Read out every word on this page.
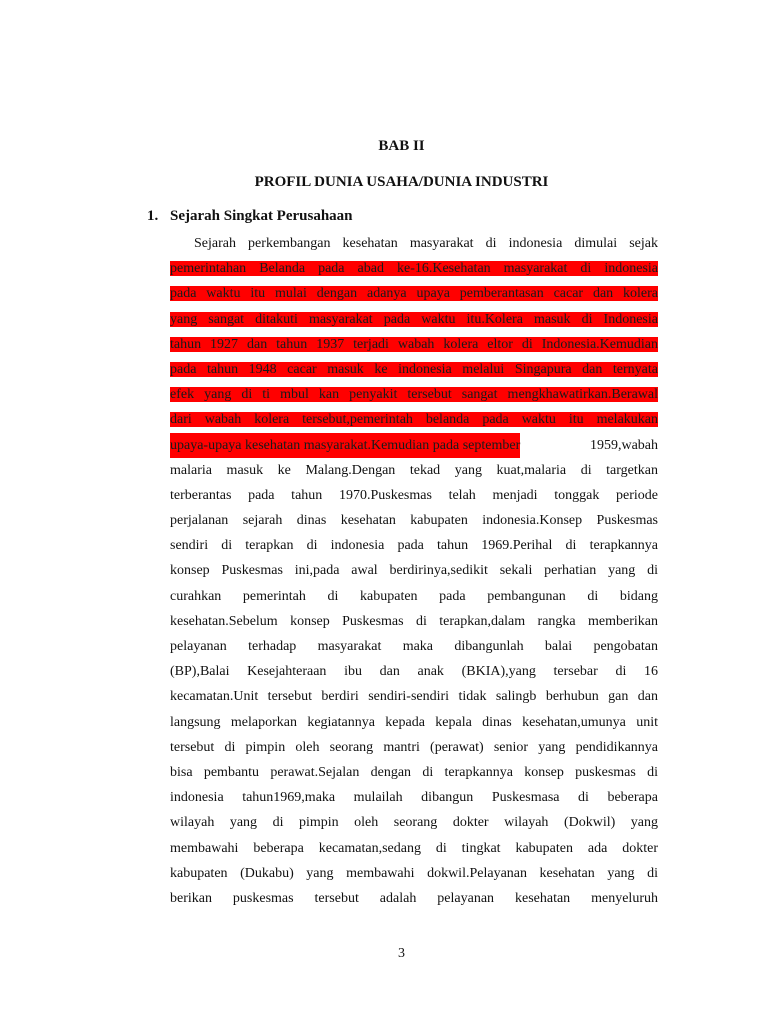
BAB II
PROFIL DUNIA USAHA/DUNIA INDUSTRI
1. Sejarah Singkat Perusahaan
Sejarah perkembangan kesehatan masyarakat di indonesia dimulai sejak
pemerintahan Belanda pada abad ke-16.Kesehatan masyarakat di indonesia
pada waktu itu mulai dengan adanya upaya pemberantasan cacar dan kolera
yang sangat ditakuti masyarakat pada waktu itu.Kolera masuk di Indonesia
tahun 1927 dan tahun 1937 terjadi wabah kolera eltor di Indonesia.Kemudian
pada tahun 1948 cacar masuk ke indonesia melalui Singapura dan ternyata
efek yang di ti mbul kan penyakit tersebut sangat mengkhawatirkan.Berawal
dari wabah kolera tersebut,pemerintah belanda pada waktu itu melakukan
upaya-upaya kesehatan masyarakat.Kemudian pada september	1959,wabah
malaria masuk ke Malang.Dengan tekad yang kuat,malaria di targetkan
terberantas pada tahun 1970.Puskesmas telah menjadi tonggak periode
perjalanan sejarah dinas kesehatan kabupaten indonesia.Konsep Puskesmas
sendiri di terapkan di indonesia pada tahun 1969.Perihal di terapkannya
konsep Puskesmas ini,pada awal berdirinya,sedikit sekali perhatian yang di
curahkan pemerintah di kabupaten pada pembangunan di bidang
kesehatan.Sebelum konsep Puskesmas di terapkan,dalam rangka memberikan
pelayanan terhadap masyarakat maka dibangunlah balai pengobatan
(BP),Balai Kesejahteraan ibu dan anak (BKIA),yang tersebar di 16
kecamatan.Unit tersebut berdiri sendiri-sendiri tidak salingb berhubun gan dan
langsung melaporkan kegiatannya kepada kepala dinas kesehatan,umunya unit
tersebut di pimpin oleh seorang mantri (perawat) senior yang pendidikannya
bisa pembantu perawat.Sejalan dengan di terapkannya konsep puskesmas di
indonesia tahun1969,maka mulailah dibangun Puskesmasa di beberapa
wilayah yang di pimpin oleh seorang dokter wilayah (Dokwil) yang
membawahi beberapa kecamatan,sedang di tingkat kabupaten ada dokter
kabupaten (Dukabu) yang membawahi dokwil.Pelayanan kesehatan yang di
berikan puskesmas tersebut adalah pelayanan kesehatan menyeluruh
3
